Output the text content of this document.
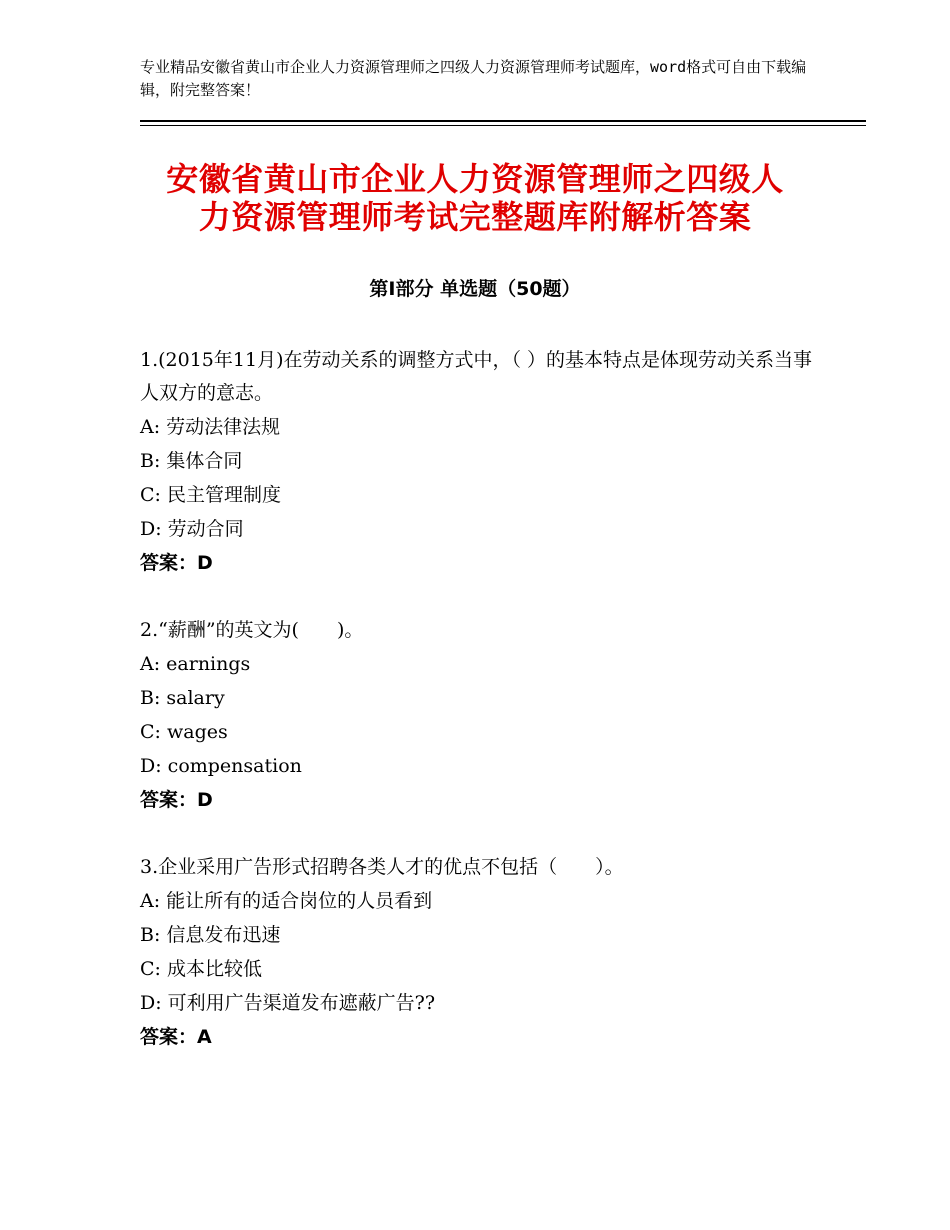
专业精品安徽省黄山市企业人力资源管理师之四级人力资源管理师考试题库，word格式可自由下载编辑，附完整答案！
安徽省黄山市企业人力资源管理师之四级人
力资源管理师考试完整题库附解析答案
第Ⅰ部分 单选题（50题）
1.(2015年11月)在劳动关系的调整方式中，（ ）的基本特点是体现劳动关系当事人双方的意志。
A: 劳动法律法规
B: 集体合同
C: 民主管理制度
D: 劳动合同
答案：D
2.“薪酬”的英文为(　　)。
A: earnings
B: salary
C: wages
D: compensation
答案：D
3.企业采用广告形式招聘各类人才的优点不包括（　　）。
A: 能让所有的适合岗位的人员看到
B: 信息发布迅速
C: 成本比较低
D: 可利用广告渠道发布遮蔽广告??
答案：A
